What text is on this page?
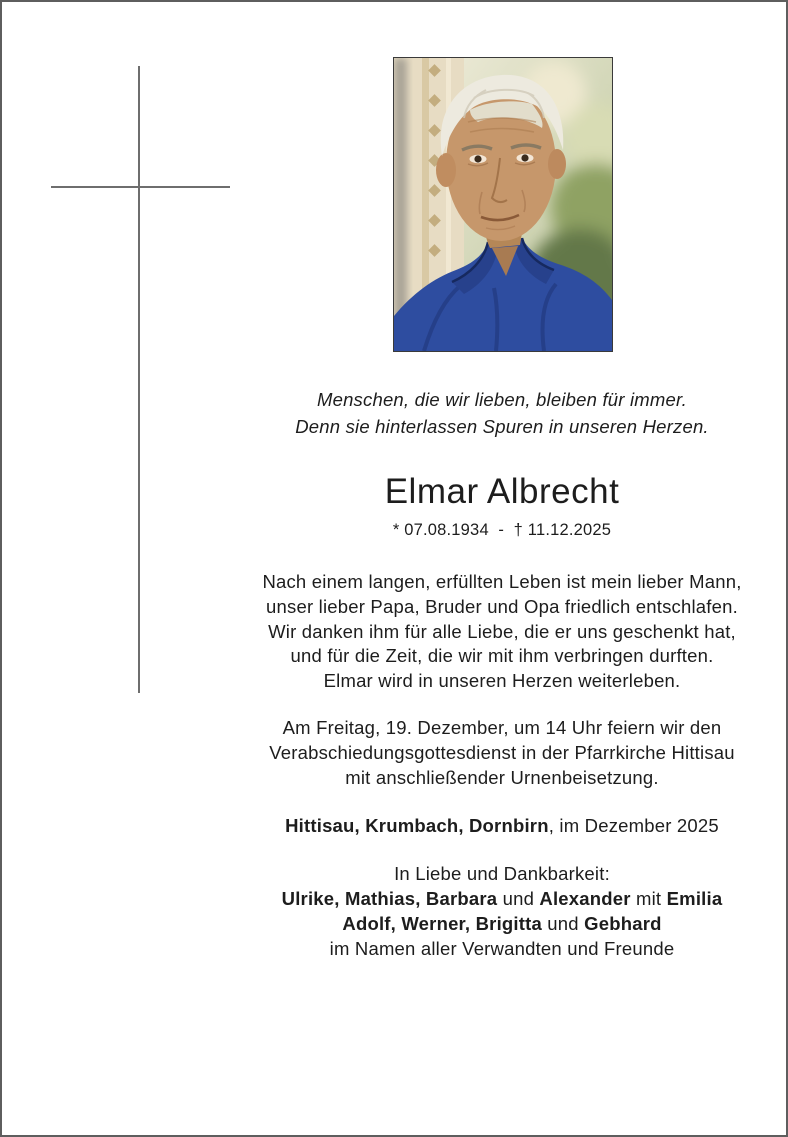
Menschen, die wir lieben, bleiben für immer.
Denn sie hinterlassen Spuren in unseren Herzen.
Elmar Albrecht
* 07.08.1934  -  † 11.12.2025
Nach einem langen, erfüllten Leben ist mein lieber Mann,
unser lieber Papa, Bruder und Opa friedlich entschlafen.
Wir danken ihm für alle Liebe, die er uns geschenkt hat,
und für die Zeit, die wir mit ihm verbringen durften.
Elmar wird in unseren Herzen weiterleben.
Am Freitag, 19. Dezember, um 14 Uhr feiern wir den
Verabschiedungsgottesdienst in der Pfarrkirche Hittisau
mit anschließender Urnenbeisetzung.
Hittisau, Krumbach, Dornbirn, im Dezember 2025
In Liebe und Dankbarkeit:
Ulrike, Mathias, Barbara und Alexander mit Emilia
Adolf, Werner, Brigitta und Gebhard
im Namen aller Verwandten und Freunde
